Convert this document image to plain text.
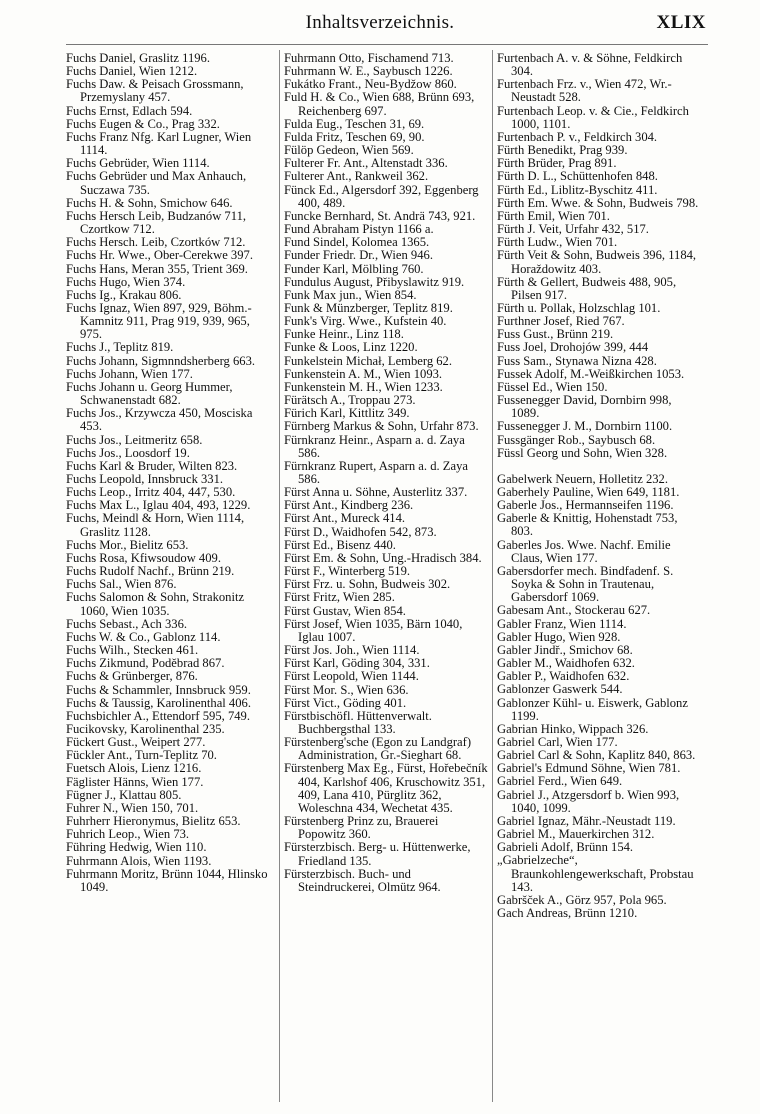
Inhaltsverzeichnis.	XLIX
Fuchs Daniel, Graslitz 1196.
Fuchs Daniel, Wien 1212.
Fuchs Daw. & Peisach Grossmann, Przemyslany 457.
Fuchs Ernst, Edlach 594.
Fuchs Eugen & Co., Prag 332.
Fuchs Franz Nfg. Karl Lugner, Wien 1114.
Fuchs Gebrüder, Wien 1114.
Fuchs Gebrüder und Max Anhauch, Suczawa 735.
Fuchs H. & Sohn, Smichow 646.
Fuchs Hersch Leib, Budzanów 711, Czortkow 712.
Fuchs Hersch. Leib, Czortków 712.
Fuchs Hr. Wwe., Ober-Cerekwe 397.
Fuchs Hans, Meran 355, Trient 369.
Fuchs Hugo, Wien 374.
Fuchs Ig., Krakau 806.
Fuchs Ignaz, Wien 897, 929, Böhm.-Kamnitz 911, Prag 919, 939, 965, 975.
Fuchs J., Teplitz 819.
Fuchs Johann, Sigmnndsherberg 663.
Fuchs Johann, Wien 177.
Fuchs Johann u. Georg Hummer, Schwanenstadt 682.
Fuchs Jos., Krzywcza 450, Mosciska 453.
Fuchs Jos., Leitmeritz 658.
Fuchs Jos., Loosdorf 19.
Fuchs Karl & Bruder, Wilten 823.
Fuchs Leopold, Innsbruck 331.
Fuchs Leop., Irritz 404, 447, 530.
Fuchs Max L., Iglau 404, 493, 1229.
Fuchs, Meindl & Horn, Wien 1114, Graslitz 1128.
Fuchs Mor., Bielitz 653.
Fuchs Rosa, Kfiwsoudow 409.
Fuchs Rudolf Nachf., Brünn 219.
Fuchs Sal., Wien 876.
Fuchs Salomon & Sohn, Strakonitz 1060, Wien 1035.
Fuchs Sebast., Ach 336.
Fuchs W. & Co., Gablonz 114.
Fuchs Wilh., Stecken 461.
Fuchs Zikmund, Poděbrad 867.
Fuchs & Grünberger, 876.
Fuchs & Schammler, Innsbruck 959.
Fuchs & Taussig, Karolinenthal 406.
Fuchsbichler A., Ettendorf 595, 749.
Fucikovsky, Karolinenthal 235.
Fückert Gust., Weipert 277.
Fückler Ant., Turn-Teplitz 70.
Fuetsch Alois, Lienz 1216.
Fäglister Hänns, Wien 177.
Fügner J., Klattau 805.
Fuhrer N., Wien 150, 701.
Fuhrherr Hieronymus, Bielitz 653.
Fuhrich Leop., Wien 73.
Führing Hedwig, Wien 110.
Fuhrmann Alois, Wien 1193.
Fuhrmann Moritz, Brünn 1044, Hlinsko 1049.
Fuhrmann Otto, Fischamend 713.
Fuhrmann W. E., Saybusch 1226.
Fukátko Frant., Neu-Bydžow 860.
Fuld H. & Co., Wien 688, Brünn 693, Reichenberg 697.
Fulda Eug., Teschen 31, 69.
Fulda Fritz, Teschen 69, 90.
Fülöp Gedeon, Wien 569.
Fulterer Fr. Ant., Altenstadt 336.
Fulterer Ant., Rankweil 362.
Fünck Ed., Algersdorf 392, Eggenberg 400, 489.
Funcke Bernhard, St. Andrä 743, 921.
Fund Abraham Pistyn 1166 a.
Fund Sindel, Kolomea 1365.
Funder Friedr. Dr., Wien 946.
Funder Karl, Mölbling 760.
Fundulus August, Přibyslawitz 919.
Funk Max jun., Wien 854.
Funk & Münzberger, Teplitz 819.
Funk's Virg. Wwe., Kufstein 40.
Funke Heinr., Linz 118.
Funke & Loos, Linz 1220.
Funkelstein Michał, Lemberg 62.
Funkenstein A. M., Wien 1093.
Funkenstein M. H., Wien 1233.
Fürätsch A., Troppau 273.
Fürich Karl, Kittlitz 349.
Fürnberg Markus & Sohn, Urfahr 873.
Fürnkranz Heinr., Asparn a. d. Zaya 586.
Fürnkranz Rupert, Asparn a. d. Zaya 586.
Fürst Anna u. Söhne, Austerlitz 337.
Fürst Ant., Kindberg 236.
Fürst Ant., Mureck 414.
Fürst D., Waidhofen 542, 873.
Fürst Ed., Bisenz 440.
Fürst Em. & Sohn, Ung.-Hradisch 384.
Fürst F., Winterberg 519.
Fürst Frz. u. Sohn, Budweis 302.
Fürst Fritz, Wien 285.
Fürst Gustav, Wien 854.
Fürst Josef, Wien 1035, Bärn 1040, Iglau 1007.
Fürst Jos. Joh., Wien 1114.
Fürst Karl, Göding 304, 331.
Fürst Leopold, Wien 1144.
Fürst Mor. S., Wien 636.
Fürst Vict., Göding 401.
Fürstbischöfl. Hüttenverwalt. Buchbergsthal 133.
Fürstenberg'sche (Egon zu Landgraf) Administration, Gr.-Sieghart 68.
Fürstenberg Max Eg., Fürst, Hořebečník 404, Karlshof 406, Kruschowitz 351, 409, Lana 410, Pürglitz 362, Woleschna 434, Wechetat 435.
Fürstenberg Prinz zu, Brauerei Popowitz 360.
Fürsterzbisch. Berg- u. Hüttenwerke, Friedland 135.
Fürsterzbisch. Buch- und Steindruckerei, Olmütz 964.
Furtenbach A. v. & Söhne, Feldkirch 304.
Furtenbach Frz. v., Wien 472, Wr.-Neustadt 528.
Furtenbach Leop. v. & Cie., Feldkirch 1000, 1101.
Furtenbach P. v., Feldkirch 304.
Fürth Benedikt, Prag 939.
Fürth Brüder, Prag 891.
Fürth D. L., Schüttenhofen 848.
Fürth Ed., Liblitz-Byschitz 411.
Fürth Em. Wwe. & Sohn, Budweis 798.
Fürth Emil, Wien 701.
Fürth J. Veit, Urfahr 432, 517.
Fürth Ludw., Wien 701.
Fürth Veit & Sohn, Budweis 396, 1184, Horaždowitz 403.
Fürth & Gellert, Budweis 488, 905, Pilsen 917.
Fürth u. Pollak, Holzschlag 101.
Furthner Josef, Ried 767.
Fuss Gust., Brünn 219.
Fuss Joel, Drohojów 399, 444
Fuss Sam., Stynawa Nizna 428.
Fussek Adolf, M.-Weißkirchen 1053.
Füssel Ed., Wien 150.
Fussenegger David, Dornbirn 998, 1089.
Fussenegger J. M., Dornbirn 1100.
Fussgänger Rob., Saybusch 68.
Füssl Georg und Sohn, Wien 328.
Gabelwerk Neuern, Holletitz 232.
Gaberhely Pauline, Wien 649, 1181.
Gaberle Jos., Hermannseifen 1196.
Gaberle & Knittig, Hohenstadt 753, 803.
Gaberles Jos. Wwe. Nachf. Emilie Claus, Wien 177.
Gabersdorfer mech. Bindfadenf. S. Soyka & Sohn in Trautenau, Gabersdorf 1069.
Gabesam Ant., Stockerau 627.
Gabler Franz, Wien 1114.
Gabler Hugo, Wien 928.
Gabler Jindř., Smichov 68.
Gabler M., Waidhofen 632.
Gabler P., Waidhofen 632.
Gablonzer Gaswerk 544.
Gablonzer Kühl- u. Eiswerk, Gablonz 1199.
Gabrian Hinko, Wippach 326.
Gabriel Carl, Wien 177.
Gabriel Carl & Sohn, Kaplitz 840, 863.
Gabriel's Edmund Söhne, Wien 781.
Gabriel Ferd., Wien 649.
Gabriel J., Atzgersdorf b. Wien 993, 1040, 1099.
Gabriel Ignaz, Mähr.-Neustadt 119.
Gabriel M., Mauerkirchen 312.
Gabrieli Adolf, Brünn 154.
„Gabrielzeche“, Braunkohlengewerkschaft, Probstau 143.
Gabršček A., Görz 957, Pola 965.
Gach Andreas, Brünn 1210.
